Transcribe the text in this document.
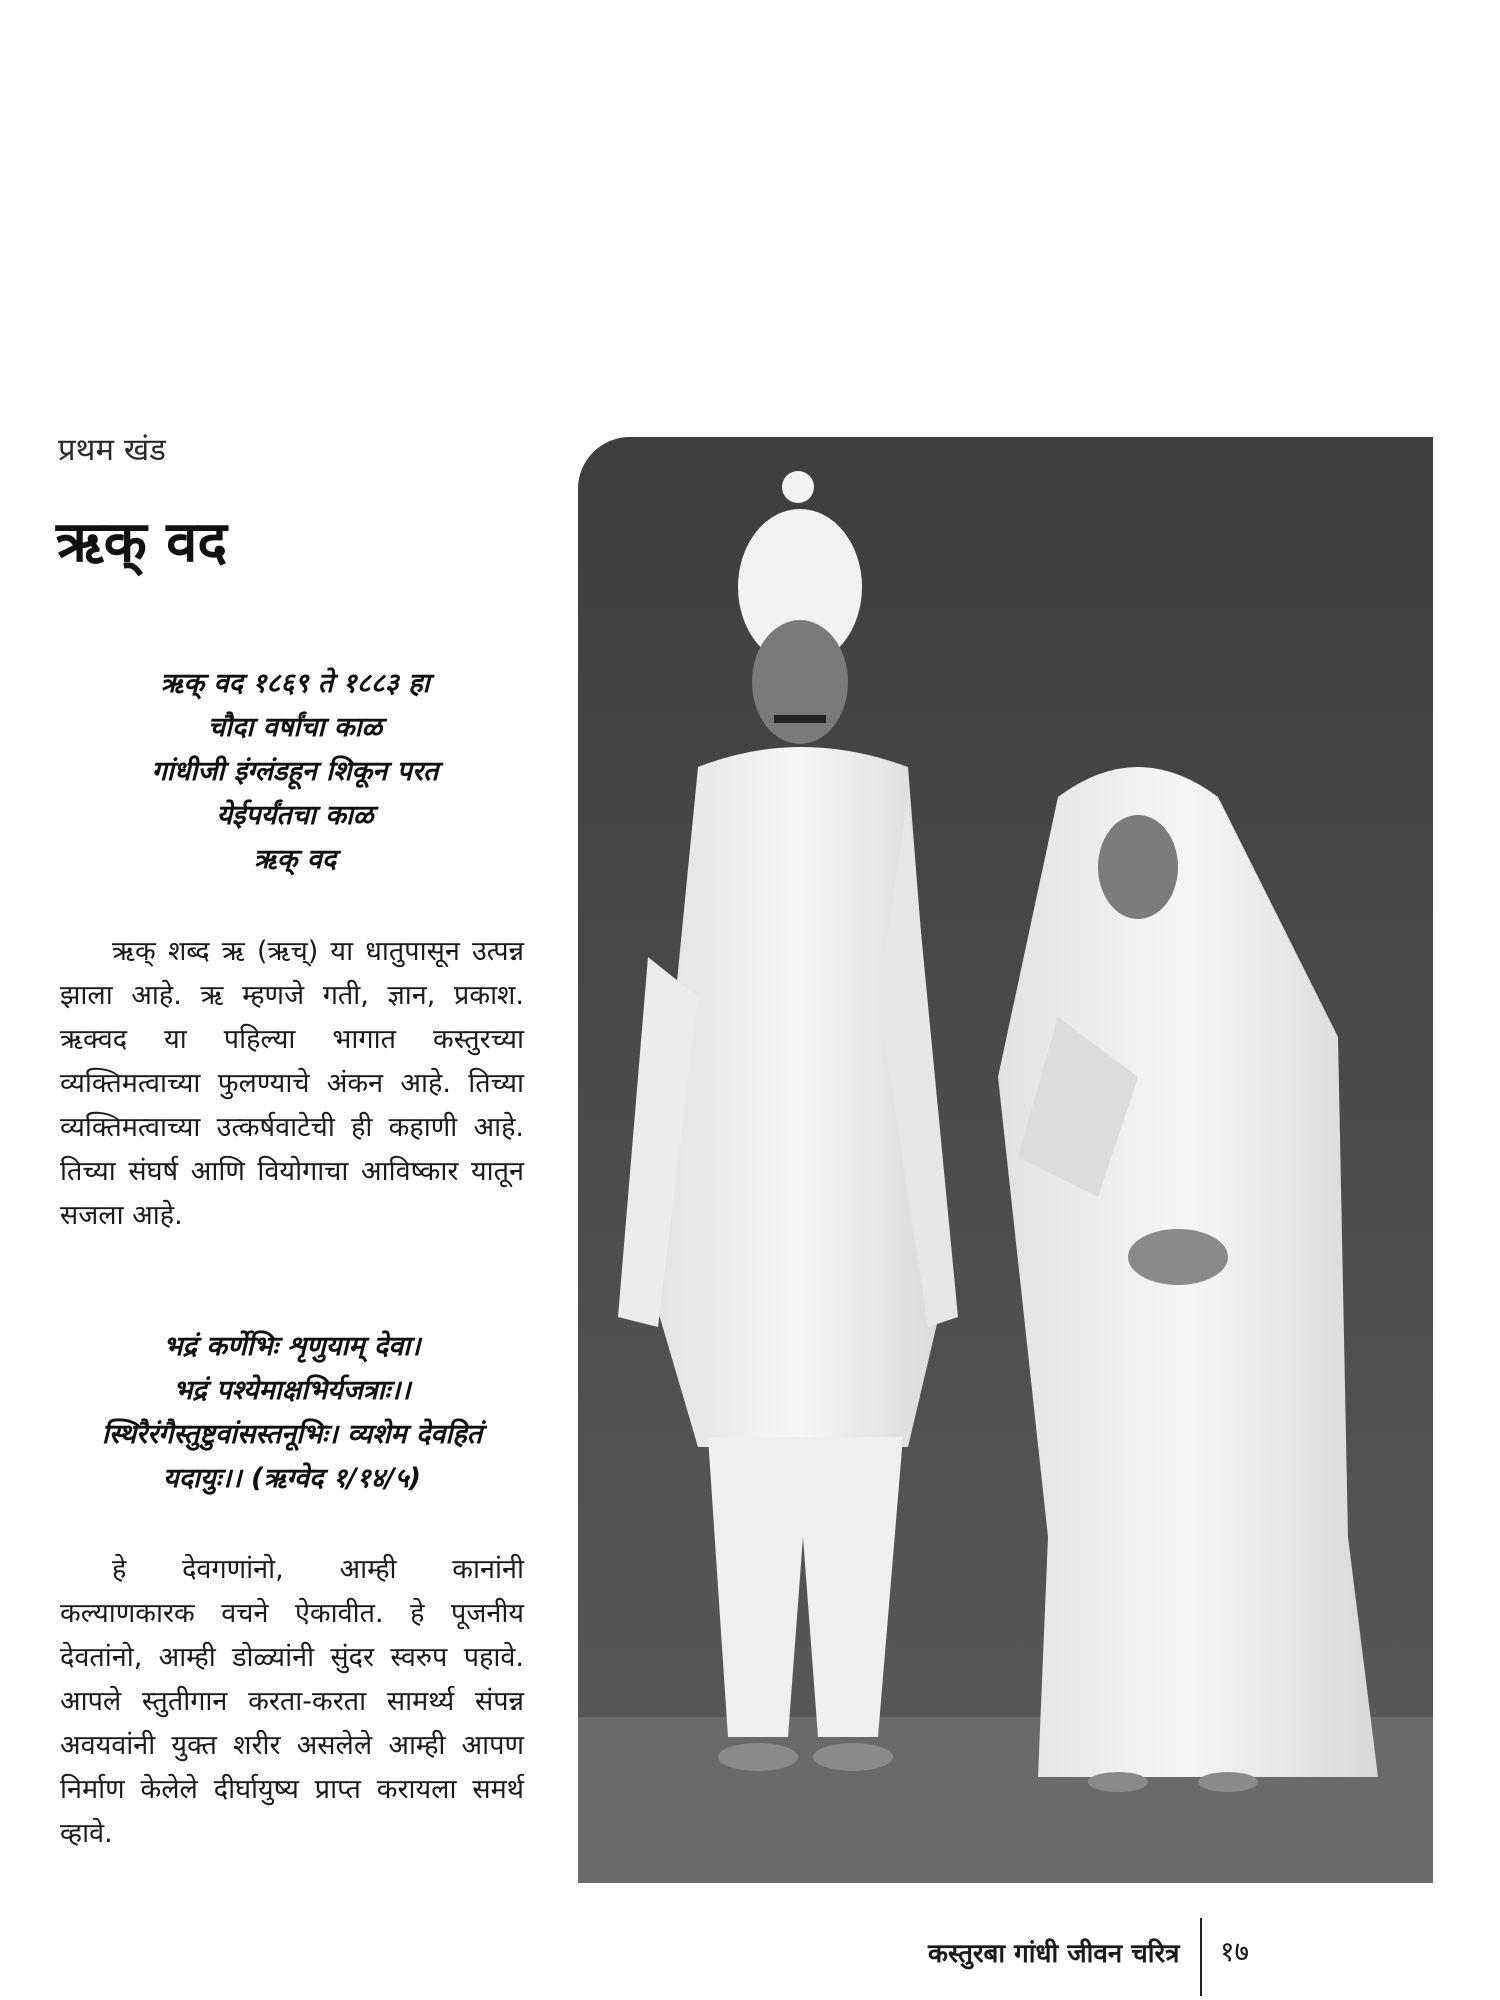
प्रथम खंड
ऋक् वद
ऋक् वद १८६९ ते १८८३ हा
चौदा वर्षांचा काळ
गांधीजी इंग्लंडहून शिकून परत
येईपर्यंतचा काळ
ऋक् वद

ऋक् शब्द ऋ (ऋच्) या धातुपासून उत्पन्न झाला आहे. ऋ म्हणजे गती, ज्ञान, प्रकाश. ऋक्वद या पहिल्या भागात कस्तुरच्या व्यक्तिमत्वाच्या फुलण्याचे अंकन आहे. तिच्या व्यक्तिमत्वाच्या उत्कर्षवाटेची ही कहाणी आहे. तिच्या संघर्ष आणि वियोगाचा आविष्कार यातून सजला आहे.

भद्रं कर्णेभिः शृणुयाम् देवा।
भद्रं पश्येमाक्षभिर्यजत्राः।।
स्थिरैरंगैस्तुष्टुवांसस्तनूभिः। व्यशेम देवहितं
यदायुः।। (ऋग्वेद १/१४/५)

हे देवगणांनो, आम्ही कानांनी कल्याणकारक वचने ऐकावीत. हे पूजनीय देवतांनो, आम्ही डोळ्यांनी सुंदर स्वरुप पहावे. आपले स्तुतीगान करता-करता सामर्थ्य संपन्न अवयवांनी युक्त शरीर असलेले आम्ही आपण निर्माण केलेले दीर्घायुष्य प्राप्त करायला समर्थ व्हावे.

कस्तुरबा गांधी जीवन चरित्र १७
